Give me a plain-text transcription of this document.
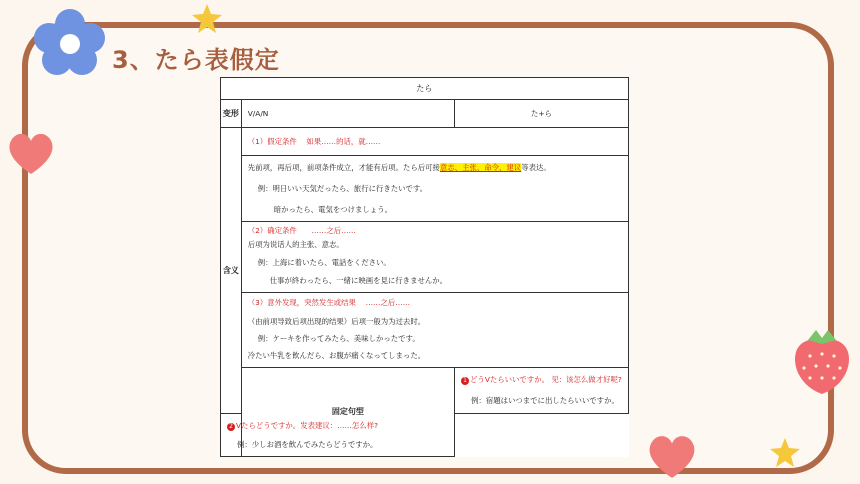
3、たら表假定
たら		
变形	V/A/N	た+ら
含义	（1）假定条件　 如果……的话，就……	

	先前项，再后项，前项条件成立，才能有后项。たら后可接意志、主张、命令、建议等表达。
例：明日いい天気だったら、旅行に行きたいです。
暗かったら、電気をつけましょう。	

	（2）确定条件　　……之后……
后项为说话人的主张、意志。
例：上海に着いたら、電話をください。
仕事が終わったら、一緒に映画を見に行きませんか。	

	（3）意外发现，突然发生或结果　 ……之后……
（由前项导致后项出现的结果）后项一般为为过去时。
例：ケーキを作ってみたら、美味しかったです。
冷たい牛乳を飲んだら、お腹が痛くなってしまった。	

	固定句型	1 どうVたらいいですか。 见：该怎么做才好呢?
例：宿題はいつまでに出したらいいですか。

2 Vたらどうですか。 发表建议：……怎么样?
例：少しお酒を飲んでみたらどうですか。		
